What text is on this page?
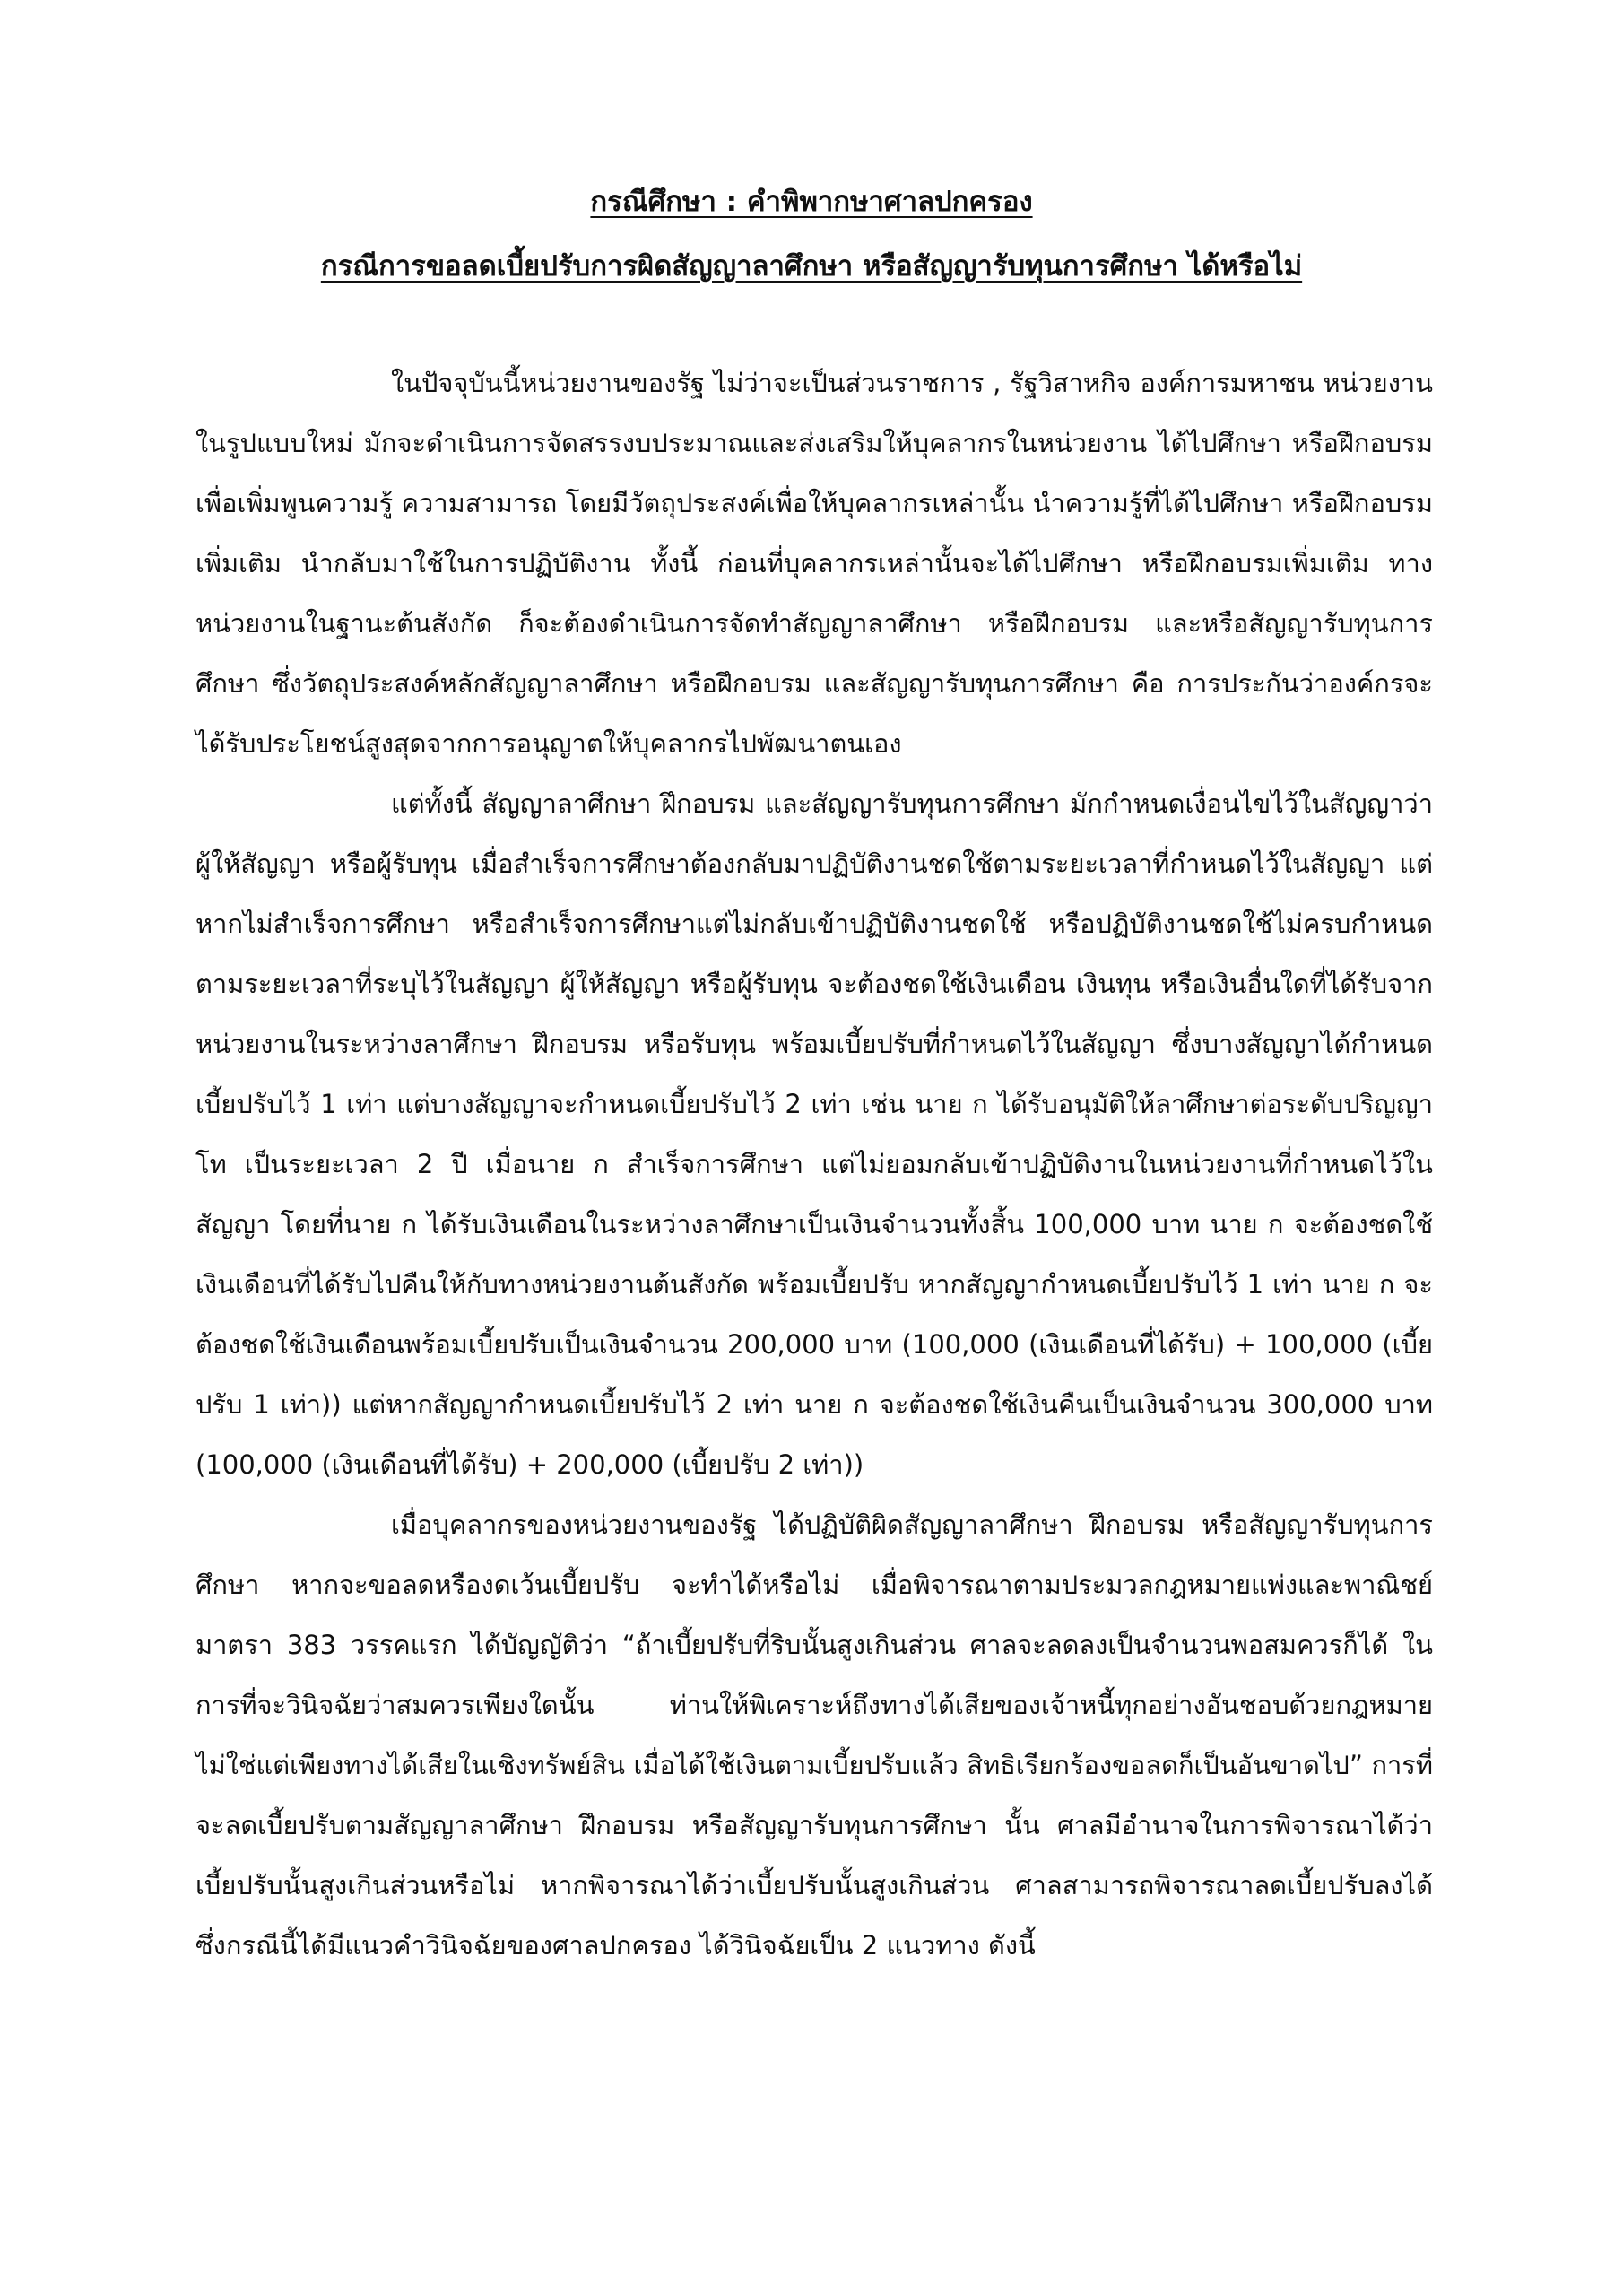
กรณีศึกษา : คำพิพากษาศาลปกครอง
กรณีการขอลดเบี้ยปรับการผิดสัญญาลาศึกษา หรือสัญญารับทุนการศึกษา ได้หรือไม่

ในปัจจุบันนี้หน่วยงานของรัฐ ไม่ว่าจะเป็นส่วนราชการ , รัฐวิสาหกิจ องค์การมหาชน หน่วยงานในรูปแบบใหม่ มักจะดำเนินการจัดสรรงบประมาณและส่งเสริมให้บุคลากรในหน่วยงาน ได้ไปศึกษา หรือฝึกอบรม เพื่อเพิ่มพูนความรู้ ความสามารถ โดยมีวัตถุประสงค์เพื่อให้บุคลากรเหล่านั้น นำความรู้ที่ได้ไปศึกษา หรือฝึกอบรมเพิ่มเติม นำกลับมาใช้ในการปฏิบัติงาน ทั้งนี้ ก่อนที่บุคลากรเหล่านั้นจะได้ไปศึกษา หรือฝึกอบรมเพิ่มเติม ทางหน่วยงานในฐานะต้นสังกัด ก็จะต้องดำเนินการจัดทำสัญญาลาศึกษา หรือฝึกอบรม และหรือสัญญารับทุนการศึกษา ซึ่งวัตถุประสงค์หลักสัญญาลาศึกษา หรือฝึกอบรม และสัญญารับทุนการศึกษา คือ การประกันว่าองค์กรจะได้รับประโยชน์สูงสุดจากการอนุญาตให้บุคลากรไปพัฒนาตนเอง

แต่ทั้งนี้ สัญญาลาศึกษา ฝึกอบรม และสัญญารับทุนการศึกษา มักกำหนดเงื่อนไขไว้ในสัญญาว่า ผู้ให้สัญญา หรือผู้รับทุน เมื่อสำเร็จการศึกษาต้องกลับมาปฏิบัติงานชดใช้ตามระยะเวลาที่กำหนดไว้ในสัญญา แต่หากไม่สำเร็จการศึกษา หรือสำเร็จการศึกษาแต่ไม่กลับเข้าปฏิบัติงานชดใช้ หรือปฏิบัติงานชดใช้ไม่ครบกำหนดตามระยะเวลาที่ระบุไว้ในสัญญา ผู้ให้สัญญา หรือผู้รับทุน จะต้องชดใช้เงินเดือน เงินทุน หรือเงินอื่นใดที่ได้รับจากหน่วยงานในระหว่างลาศึกษา ฝึกอบรม หรือรับทุน พร้อมเบี้ยปรับที่กำหนดไว้ในสัญญา ซึ่งบางสัญญาได้กำหนดเบี้ยปรับไว้ 1 เท่า แต่บางสัญญาจะกำหนดเบี้ยปรับไว้ 2 เท่า เช่น นาย ก ได้รับอนุมัติให้ลาศึกษาต่อระดับปริญญาโท เป็นระยะเวลา 2 ปี เมื่อนาย ก สำเร็จการศึกษา แต่ไม่ยอมกลับเข้าปฏิบัติงานในหน่วยงานที่กำหนดไว้ในสัญญา โดยที่นาย ก ได้รับเงินเดือนในระหว่างลาศึกษาเป็นเงินจำนวนทั้งสิ้น 100,000 บาท นาย ก จะต้องชดใช้เงินเดือนที่ได้รับไปคืนให้กับทางหน่วยงานต้นสังกัด พร้อมเบี้ยปรับ หากสัญญากำหนดเบี้ยปรับไว้ 1 เท่า นาย ก จะต้องชดใช้เงินเดือนพร้อมเบี้ยปรับเป็นเงินจำนวน 200,000 บาท (100,000 (เงินเดือนที่ได้รับ) + 100,000 (เบี้ยปรับ 1 เท่า)) แต่หากสัญญากำหนดเบี้ยปรับไว้ 2 เท่า นาย ก จะต้องชดใช้เงินคืนเป็นเงินจำนวน 300,000 บาท (100,000 (เงินเดือนที่ได้รับ) + 200,000 (เบี้ยปรับ 2 เท่า))

เมื่อบุคลากรของหน่วยงานของรัฐ ได้ปฏิบัติผิดสัญญาลาศึกษา ฝึกอบรม หรือสัญญารับทุนการศึกษา หากจะขอลดหรืองดเว้นเบี้ยปรับ จะทำได้หรือไม่ เมื่อพิจารณาตามประมวลกฎหมายแพ่งและพาณิชย์ มาตรา 383 วรรคแรก ได้บัญญัติว่า “ถ้าเบี้ยปรับที่ริบนั้นสูงเกินส่วน ศาลจะลดลงเป็นจำนวนพอสมควรก็ได้ ในการที่จะวินิจฉัยว่าสมควรเพียงใดนั้น ท่านให้พิเคราะห์ถึงทางได้เสียของเจ้าหนี้ทุกอย่างอันชอบด้วยกฎหมาย ไม่ใช่แต่เพียงทางได้เสียในเชิงทรัพย์สิน เมื่อได้ใช้เงินตามเบี้ยปรับแล้ว สิทธิเรียกร้องขอลดก็เป็นอันขาดไป” การที่จะลดเบี้ยปรับตามสัญญาลาศึกษา ฝึกอบรม หรือสัญญารับทุนการศึกษา นั้น ศาลมีอำนาจในการพิจารณาได้ว่าเบี้ยปรับนั้นสูงเกินส่วนหรือไม่ หากพิจารณาได้ว่าเบี้ยปรับนั้นสูงเกินส่วน ศาลสามารถพิจารณาลดเบี้ยปรับลงได้ ซึ่งกรณีนี้ได้มีแนวคำวินิจฉัยของศาลปกครอง ได้วินิจฉัยเป็น 2 แนวทาง ดังนี้
